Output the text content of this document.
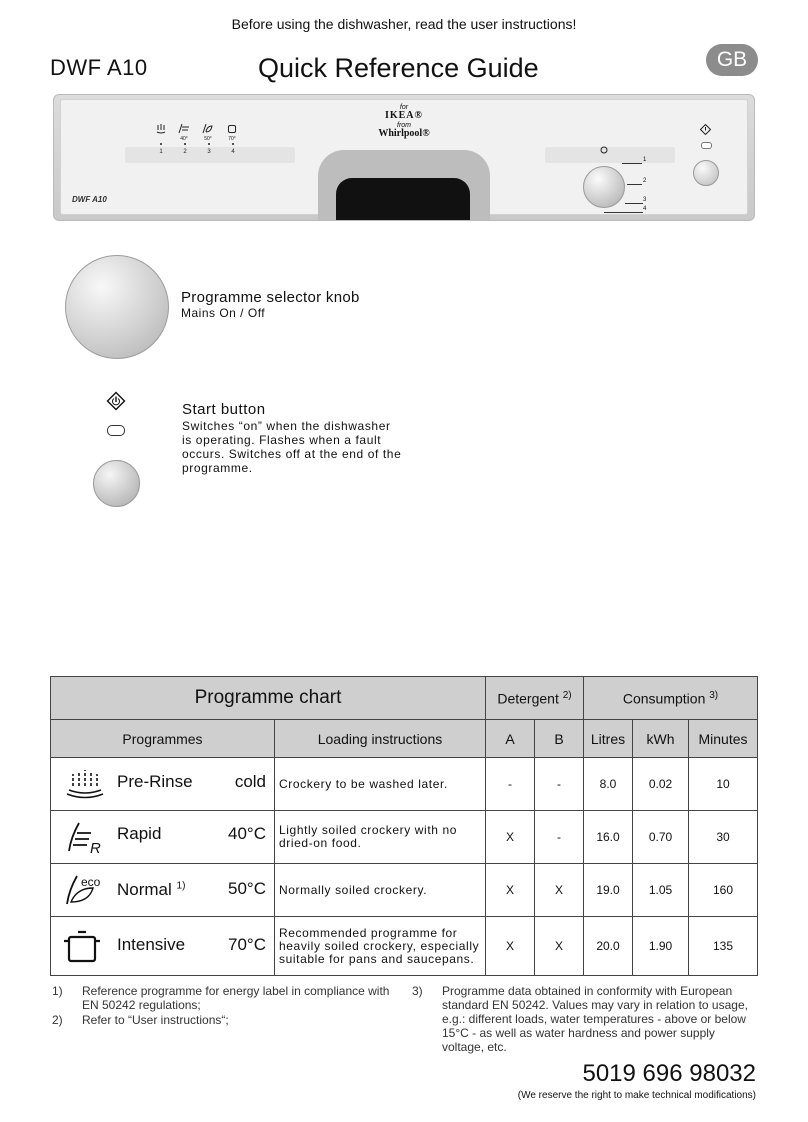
Before using the dishwasher, read the user instructions!
DWF A10	Quick Reference Guide	GB
DWF A10
for
IKEA®
from
Whirlpool®
40°	50°	70°
1	2	3	4
1
2
3
4
Programme selector knob
Mains On / Off
Start button
Switches “on” when the dishwasher is operating. Flashes when a fault occurs. Switches off at the end of the programme.
Programme chart		Detergent $^{2)}$		Consumption $^{3)}$
Programmes	Loading instructions	A	B	Litres	kWh	Minutes

Pre-Rinse cold	Crockery to be washed later.	-	-	8.0	0.02	10

R
Rapid 40°C	Lightly soiled crockery with no dried-on food.	X	-	16.0	0.70	30

eco Normal $^{1)}$ 50°C	Normally soiled crockery.	X	X	19.0	1.05	160

Intensive 70°C	Recommended programme for heavily soiled crockery, especially suitable for pans and saucepans.	X	X	20.0	1.90	135
1) Reference programme for energy label in compliance with EN 50242 regulations;
2) Refer to “User instructions“;
3) Programme data obtained in conformity with European standard EN 50242. Values may vary in relation to usage, e.g.: different loads, water temperatures - above or below 15°C - as well as water hardness and power supply voltage, etc.
5019 696 98032
(We reserve the right to make technical modifications)
